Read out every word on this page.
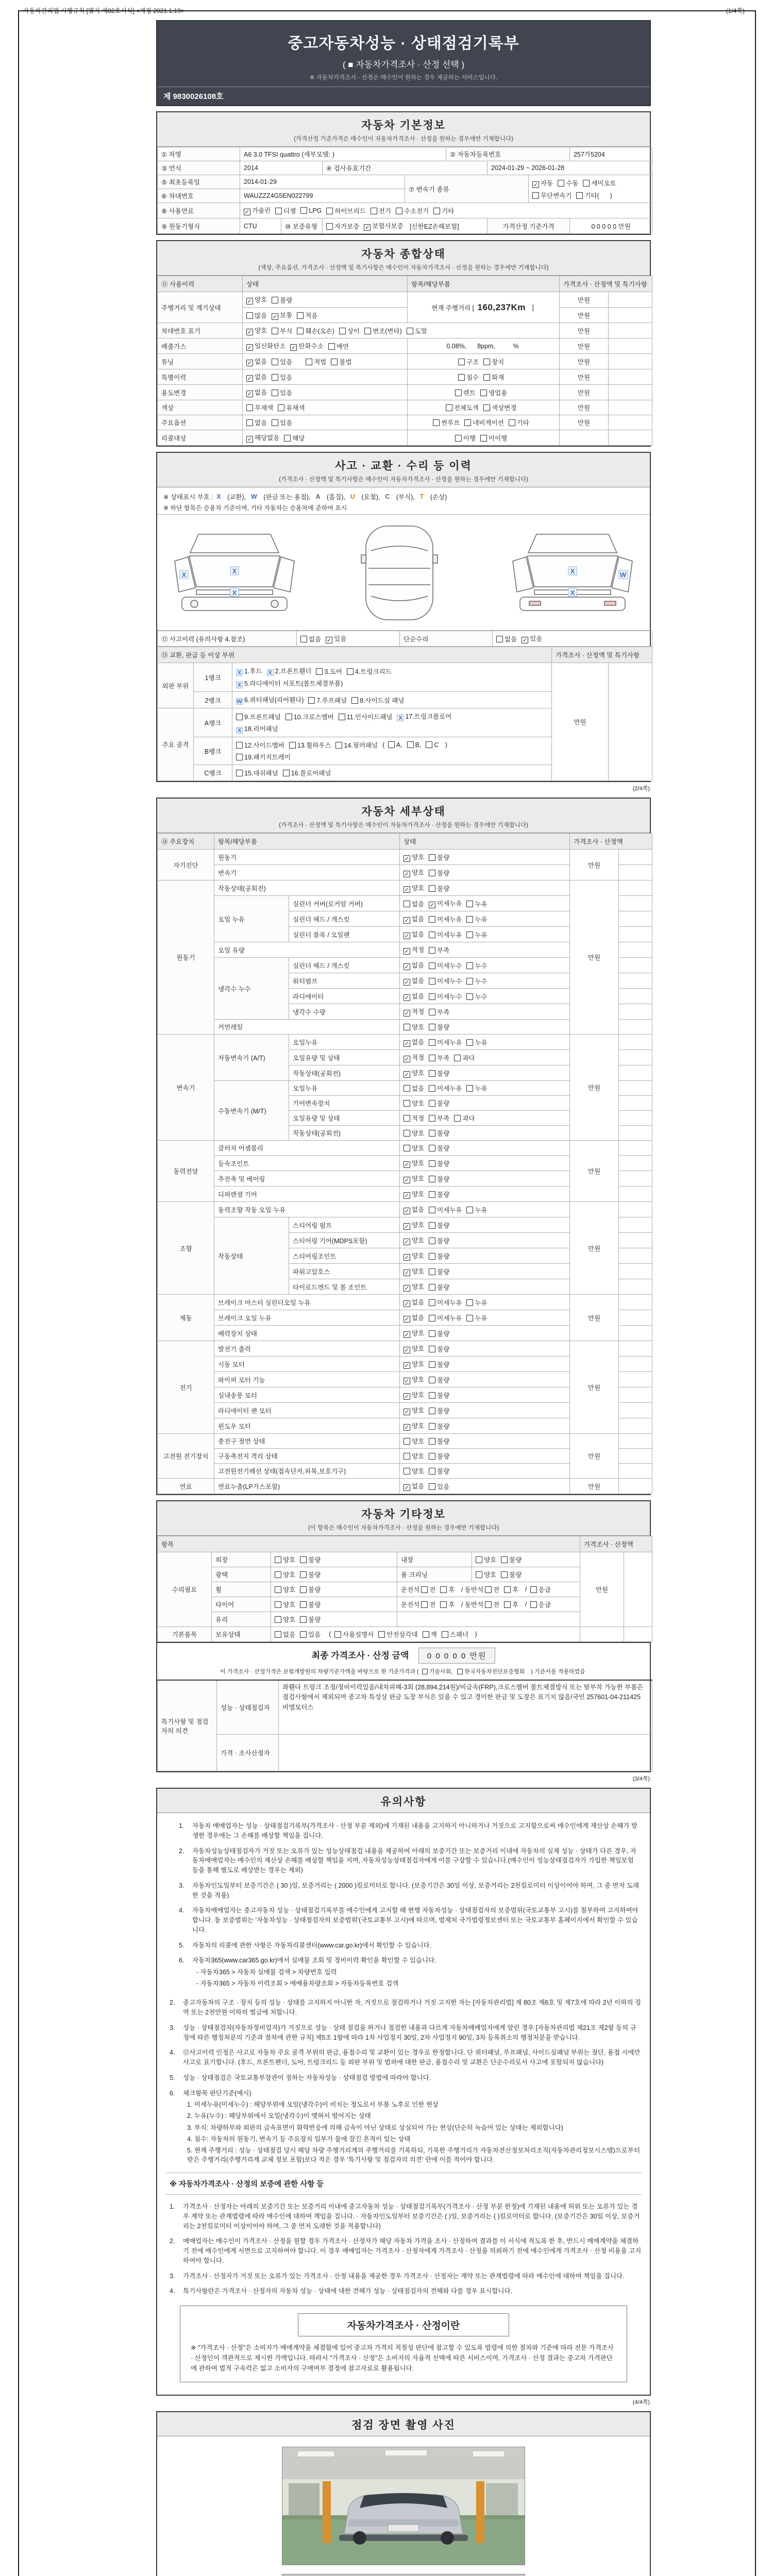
자동차관리법 시행규칙 [별지 제82호서식] <개정 2021.1.19>	(1/4쪽)
중고자동차성능 · 상태점검기록부
( ■ 자동차가격조사 · 산정 선택 )
※ 자동차가격조사 · 산정은 매수인이 원하는 경우 제공하는 서비스입니다.
제 9830026108호
자동차 기본정보
(가격산정 기준가격은 매수인이 자동차가격조사 · 산정을 원하는 경우에만 기재합니다)
① 차명	A6 3.0 TFSI quattro (세부모델: )				② 자동차등록번호			257가5204
③ 연식	2014		④ 검사유효기간			2024-01-29 ~ 2026-01-28		
⑤ 최초등록일	2014-01-29			⑦ 변속기 종류	✓자동 수동 세미오토
무단변속기 기타(      )
⑥ 차대번호	WAUZZZ4G5EN022799							
⑧ 사용연료	✓가솔린 디젤 LPG 하이브리드 전기 수소전기 기타
⑨ 원동기형식	CTU	⑩ 보증유형	자가보증 ✓ 보험사보증 [신한EZ손해보험]			가격산정 기준가격		0 0 0 0 0 만원
자동차 종합상태
(색상, 주요옵션, 가격조사 · 산정액 및 특기사항은 매수인이 자동차가격조사 · 산정을 원하는 경우에만 기재합니다)
⑪ 사용이력	상태	항목/해당부품	가격조사 · 산정액 및 특기사항	
주행거리 및 계기상태	✓양호 불량	현재 주행거리 [ 160,237Km ]	만원	
	많음 ✓ 보통 적음		만원	
차대번호 표기	✓양호 부식 훼손(오손) 상이 변조(변타) 도말		만원	
배출가스	✓일산화탄소 ✓ 탄화수소 매연	0.08%,      8ppm,          %	만원	
튜닝	✓없음 있음 적법 불법	구조 장치	만원	
특별이력	✓없음 있음	침수 화재	만원	
용도변경	✓없음 있음	렌트 영업용	만원	
색상	무채색 유채색	전체도색 색상변경	만원	
주요옵션	없음 있음	썬루프 네비게이션 기타	만원	
리콜대상	✓해당없음 해당	이행 미이행		
사고 · 교환 · 수리 등 이력
(가격조사 · 산정액 및 특기사항은 매수인이 자동차가격조사 · 산정을 원하는 경우에만 기재합니다)
※ 상태표시 부호 : X (교환),  W (판금 또는 용접),  A (흠집),  U (요철),  C (부식),  T (손상)
※ 하단 항목은 승용차 기준이며, 기타 자동차는 승용차에 준하여 표시
X
X
X
W
X
X
⑫ 사고이력 (유의사항 4.참조)	없음 ✓ 있음	단순수리	없음 ✓ 있음
⑬ 교환, 판금 등 이상 부위			가격조사 · 산정액 및 특기사항	
외판 부위	1랭크	X1.후드 X 2.프론트휀더 3.도어 4.트렁크리드
X5.라디에이터 서포트(볼트체결부품)	만원	
	2랭크	W6.쿼터패널(리어휀다) 7.루프패널 8.사이드실 패널
주요 골격	A랭크	9.프론트패널 10.크로스멤버 11.인사이드패널 X 17.트렁크플로어
X18.리어패널
	B랭크	12.사이드멤버 13.휠하우스 14.필러패널 ( A, B, C )
19.패키지트레이		
	C랭크	15.대쉬패널 16.플로어패널		
(2/4쪽)
자동차 세부상태
(가격조사 · 산정액 및 특기사항은 매수인이 자동차가격조사 · 산정을 원하는 경우에만 기재합니다)
⑭ 주요장치	항목/해당부품		상태	가격조사 · 산정액	
자기진단	원동기	✓양호 불량	만원	
	변속기	✓양호 불량	
원동기	작동상태(공회전)	✓양호 불량	만원	
	오일 누유	실린더 커버(로커암 커버)	없음 ✓ 미세누유 누유	
		실린더 헤드 / 개스킷	✓없음 미세누유 누유	
		실린더 블록 / 오일팬	✓없음 미세누유 누유	
	오일 유량	✓적정 부족	
	냉각수 누수	실린더 헤드 / 개스킷	✓없음 미세누수 누수	
		워터펌프	✓없음 미세누수 누수	
		라디에이터	✓없음 미세누수 누수	
		냉각수 수량	✓적정 부족	
	커먼레일		양호 불량		
변속기	자동변속기 (A/T)	오일누유	✓없음 미세누유 누유	만원	
		오일유량 및 상태	✓적정 부족 과다	
		작동상태(공회전)	✓양호 불량	
	수동변속기 (M/T)	오일누유	없음 미세누유 누유		
		기어변속장치	양호 불량		
		오일유량 및 상태	적정 부족 과다		
		작동상태(공회전)	양호 불량		
동력전달	클러치 어셈블리		양호 불량	만원	
	등속조인트	✓양호 불량	
	추진축 및 베어링	✓양호 불량	
	디퍼렌셜 기어	✓양호 불량	
조향	동력조향 작동 오일 누유	✓없음 미세누유 누유	만원	
	작동상태	스티어링 펌프	✓양호 불량	
		스티어링 기어(MDPS포함)	✓양호 불량	
		스티어링조인트	✓양호 불량	
		파워고압호스	✓양호 불량	
		타이로드엔드 및 볼 조인트	✓양호 불량	
제동	브레이크 마스터 실린더오일 누유	✓없음 미세누유 누유	만원	
	브레이크 오일 누유	✓없음 미세누유 누유	
	배력장치 상태	✓양호 불량	
전기	발전기 출력	✓양호 불량	만원	
	시동 모터	✓양호 불량	
	와이퍼 모터 기능	✓양호 불량	
	실내송풍 모터	✓양호 불량	
	라디에이터 팬 모터	✓양호 불량	
	윈도우 모터	✓양호 불량	
고전원 전기장치	충전구 절연 상태		양호 불량	만원	
	구동축전지 격리 상태		양호 불량		
	고전원전기배선 상태(접속단자,피복,보호기구)		양호 불량		
연료	연료누출(LP가스포함)	✓없음 있음	만원	
자동차 기타정보
(이 항목은 매수인이 자동차가격조사 · 산정을 원하는 경우에만 기재합니다)
항목					가격조사 · 산정액	
수리필요	외장	양호 불량	내장	양호 불량	만원	
	광택	양호 불량	룸 크리닝	양호 불량		
	휠	양호 불량	운전석 전 후 / 동반석 전 후 / 응급			
	타이어	양호 불량	운전석 전 후 / 동반석 전 후 / 응급			
	유리	양호 불량				
기본품목	보유상태	없음 있음  ( 사용설명서 안전삼각대 잭 스패너 )				
최종 가격조사 · 산정 금액 0 0 0 0 0 만원
이 가격조사 · 산정가격은 보험개발원의 차량기준가액을 바탕으로 한 기준가격과 ( 기술사회, 한국자동차진단보증협회 ) 기준서를 적용하였음
특기사항 및 점검자의 의견	성능 · 상태점검자	좌휀다 트렁크 조정/정비이력있음/내차피해-3회 (28,894,214원)/비금속(FRP),크로스멤버 볼트체결방식 또는 탈부착 가능한 부품은 점검사항에서 제외되며 중고차 특성상 판금 도장 부식은 있을 수 있고 경미한 판금 및 도장은 표기치 않음/국민 257601-04-211425 비엠모터스
	가격 · 조사산정자	
(3/4쪽)
유의사항
1. 자동차 매매업자는 성능 · 상태점검기록부(가격조사 · 산정 부분 제외)에 기재된 내용을 고지하지 아니하거나 거짓으로 고지함으로써 매수인에게 재산상 손해가 발생한 경우에는 그 손해를 배상할 책임을 집니다.
2. 자동차성능상태점검자가 거짓 또는 오류가 있는 성능상태점검 내용을 제공하여 아래의 보증기간 또는 보증거리 이내에 자동차의 실제 성능 · 상태가 다른 경우, 자동차매매업자는 매수인의 재산상 손해를 배상할 책임을 지며, 자동차성능상태점검자에게 이를 구상할 수 있습니다.(매수인이 성능상태점검자가 가입한 책임보험 등을 통해 별도로 배상받는 경우는 제외)
3. 자동차인도일부터 보증기간은 ( 30 )일, 보증거리는 ( 2000 )킬로미터로 합니다. (보증기간은 30일 이상, 보증거리는 2천킬로미터 이상이어야 하며, 그 중 먼저 도래한 것을 적용)
4. 자동차매매업자는 중고자동차 성능 · 상태점검기록부를 매수인에게 고지할 때 현행 자동차성능 · 상태점검자의 보증범위(국토교통부 고시)를 첨부하여 고지하여야 합니다. 동 보증범위는 '자동차성능 · 상태점검자의 보증범위'(국토교통부 고시)에 따르며, 법제처 국가법령정보센터 또는 국토교통부 홈페이지에서 확인할 수 있습니다.
5. 자동차의 리콜에 관한 사항은 자동차리콜센터(www.car.go.kr)에서 확인할 수 있습니다.
6. 자동차365(www.car365.go.kr)에서 실매물 조회 및 정비이력 확인을 확인할 수 있습니다.
- 자동차365 > 자동차 실매물 검색 > 차량번호 입력
- 자동차365 > 자동차 이력조회 > 매매용차량조회 > 자동차등록번호 검색
2. 중고자동차의 구조 · 장치 등의 성능 · 상태를 고지하지 아니한 자, 거짓으로 점검하거나 거짓 고지한 자는 [자동차관리법] 제 80조 제6호 및 제7호에 따라 2년 이하의 징역 또는 2천만원 이하의 벌금에 처합니다.
3. 성능 · 상태점검자(자동차정비업자)가 거짓으로 성능 · 상태 점검을 하거나 점검한 내용과 다르게 자동차매매업자에게 알린 경우 [자동차관리법 제21조 제2항 등의 규정에 따른 행정처분의 기준과 절차에 관한 규칙] 제5조 1항에 따라 1차 사업정지 30일, 2차 사업정지 90일, 3차 등록취소의 행정처분을 받습니다.
4. ⑫사고이력 인정은 사고로 자동차 주요 골격 부위의 판금, 용접수리 및 교환이 있는 경우로 한정합니다. 단 쿼터패널, 루프패널, 사이드실패널 부위는 절단, 용접 시에만 사고로 표기합니다. (후드, 프론트펜더, 도어, 트렁크리드 등 외판 부위 및 범퍼에 대한 판금, 용접수리 및 교환은 단순수리로서 사고에 포함되지 않습니다)
5. 성능 · 상태점검은 국토교통부장관이 정하는 자동차성능 · 상태점검 방법에 따라야 합니다.
6. 체크항목 판단기준(예시)
1. 미세누유(미세누수) : 해당부위에 오일(냉각수)이 비치는 정도로서 부품 노후로 인한 현상
2. 누유(누수) : 해당부위에서 오일(냉각수)이 맺혀서 떨어지는 상태
3. 부식: 차량하부와 외판의 금속표면이 화학반응에 의해 금속이 아닌 상태로 상실되어 가는 현상(단순히 녹슬어 있는 상태는 제외합니다)
4. 침수: 자동차의 원동기, 변속기 등 주요장치 일부가 물에 잠긴 흔적이 있는 상태
5. 현재 주행거리 : 성능 · 상태점검 당시 해당 차량 주행거리계의 주행거리를 기록하되, 기록한 주행거리가 자동차전산정보처리조직(자동차관리정보시스템)으로부터 받은 주행거리(주행거리계 교체 정보 포함)보다 적은 경우 '특기사항 및 점검자의 의견' 란에 이를 적어야 합니다.
※ 자동차가격조사 · 산정의 보증에 관한 사항 등
1. 가격조사 · 산정자는 아래의 보증기간 또는 보증거리 이내에 중고자동차 성능 · 상태점검기록부(가격조사 · 산정 부분 한정)에 기재된 내용에 허위 또는 오류가 있는 경우 계약 또는 관계법령에 따라 매수인에 대하여 책임을 집니다. · 자동차인도일부터 보증기간은 ( )일, 보증거리는 ( )킬로미터로 합니다. (보증기간은 30일 이상, 보증거리는 2천킬로미터 이상이어야 하며, 그 중 먼저 도래한 것을 적용합니다)
2. 매매업자는 매수인이 가격조사 · 산정을 원할 경우 가격조사 · 산정자가 해당 자동차 가격을 조사 · 산정하여 결과를 이 서식에 적도록 한 후, 반드시 매매계약을 체결하기 전에 매수인에게 서면으로 고지하여야 합니다. 이 경우 매매업자는 가격조사 · 산정자에게 가격조사 · 산정을 의뢰하기 전에 매수인에게 가격조사 · 산정 비용을 고지하여야 합니다.
3. 가격조사 · 산정자가 거짓 또는 오류가 있는 가격조사 · 산정 내용을 제공한 경우 가격조사 · 산정자는 계약 또는 관계법령에 따라 매수인에 대하여 책임을 집니다.
4. 특기사항란은 가격조사 · 산정자의 자동차 성능 · 상태에 대한 견해가 성능 · 상태점검자의 견해와 다를 경우 표시합니다.
자동차가격조사 · 산정이란
※ "가격조사 · 산정"은 소비자가 매매계약을 체결함에 있어 중고차 가격의 적절성 판단에 참고할 수 있도록 법령에 의한 절차와 기준에 따라 전문 가격조사 · 산정인이 객관적으로 제시한 가액입니다. 따라서 "가격조사 · 산정"은 소비자의 자율적 선택에 따른 서비스이며, 가격조사 · 산정 결과는 중고차 가격판단에 관하여 법적 구속력은 없고 소비자의 구매여부 결정에 참고자료로 활용됩니다.
(4/4쪽)
점검 장면 촬영 사진
